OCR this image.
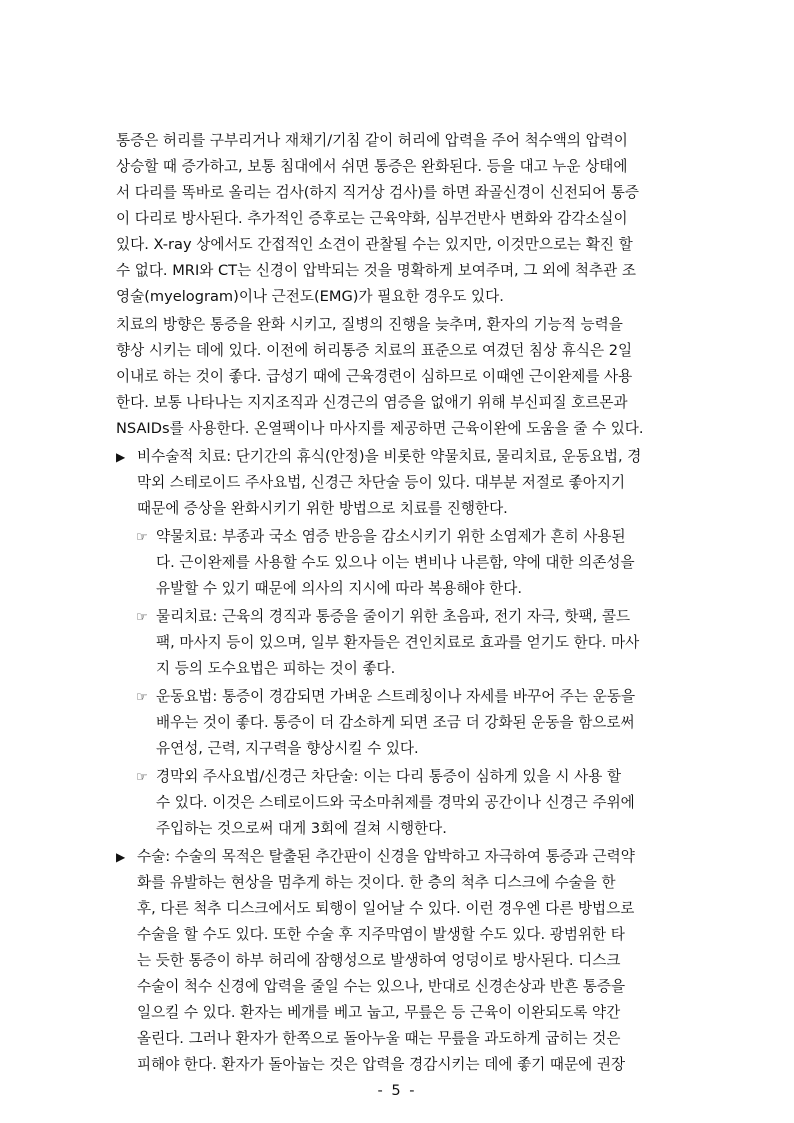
통증은 허리를 구부리거나 재채기/기침 같이 허리에 압력을 주어 척수액의 압력이
상승할 때 증가하고, 보통 침대에서 쉬면 통증은 완화된다. 등을 대고 누운 상태에
서 다리를 똑바로 올리는 검사(하지 직거상 검사)를 하면 좌골신경이 신전되어 통증
이 다리로 방사된다. 추가적인 증후로는 근육약화, 심부건반사 변화와 감각소실이
있다. X-ray 상에서도 간접적인 소견이 관찰될 수는 있지만, 이것만으로는 확진 할
수 없다. MRI와 CT는 신경이 압박되는 것을 명확하게 보여주며, 그 외에 척추관 조
영술(myelogram)이나 근전도(EMG)가 필요한 경우도 있다.
치료의 방향은 통증을 완화 시키고, 질병의 진행을 늦추며, 환자의 기능적 능력을
향상 시키는 데에 있다. 이전에 허리통증 치료의 표준으로 여겼던 침상 휴식은 2일
이내로 하는 것이 좋다. 급성기 때에 근육경련이 심하므로 이때엔 근이완제를 사용
한다. 보통 나타나는 지지조직과 신경근의 염증을 없애기 위해 부신피질 호르몬과
NSAIDs를 사용한다. 온열팩이나 마사지를 제공하면 근육이완에 도움을 줄 수 있다.
▶ 비수술적 치료: 단기간의 휴식(안정)을 비롯한 약물치료, 물리치료, 운동요법, 경
막외 스테로이드 주사요법, 신경근 차단술 등이 있다. 대부분 저절로 좋아지기
때문에 증상을 완화시키기 위한 방법으로 치료를 진행한다.
☞ 약물치료: 부종과 국소 염증 반응을 감소시키기 위한 소염제가 흔히 사용된
다. 근이완제를 사용할 수도 있으나 이는 변비나 나른함, 약에 대한 의존성을
유발할 수 있기 때문에 의사의 지시에 따라 복용해야 한다.
☞ 물리치료: 근육의 경직과 통증을 줄이기 위한 초음파, 전기 자극, 핫팩, 콜드
팩, 마사지 등이 있으며, 일부 환자들은 견인치료로 효과를 얻기도 한다. 마사
지 등의 도수요법은 피하는 것이 좋다.
☞ 운동요법: 통증이 경감되면 가벼운 스트레칭이나 자세를 바꾸어 주는 운동을
배우는 것이 좋다. 통증이 더 감소하게 되면 조금 더 강화된 운동을 함으로써
유연성, 근력, 지구력을 향상시킬 수 있다.
☞ 경막외 주사요법/신경근 차단술: 이는 다리 통증이 심하게 있을 시 사용 할
수 있다. 이것은 스테로이드와 국소마취제를 경막외 공간이나 신경근 주위에
주입하는 것으로써 대게 3회에 걸쳐 시행한다.
▶ 수술: 수술의 목적은 탈출된 추간판이 신경을 압박하고 자극하여 통증과 근력약
화를 유발하는 현상을 멈추게 하는 것이다. 한 층의 척추 디스크에 수술을 한
후, 다른 척추 디스크에서도 퇴행이 일어날 수 있다. 이런 경우엔 다른 방법으로
수술을 할 수도 있다. 또한 수술 후 지주막염이 발생할 수도 있다. 광범위한 타
는 듯한 통증이 하부 허리에 잠행성으로 발생하여 엉덩이로 방사된다. 디스크
수술이 척수 신경에 압력을 줄일 수는 있으나, 반대로 신경손상과 반흔 통증을
일으킬 수 있다. 환자는 베개를 베고 눕고, 무릎은 등 근육이 이완되도록 약간
올린다. 그러나 환자가 한쪽으로 돌아누울 때는 무릎을 과도하게 굽히는 것은
피해야 한다. 환자가 돌아눕는 것은 압력을 경감시키는 데에 좋기 때문에 권장
- 5 -
